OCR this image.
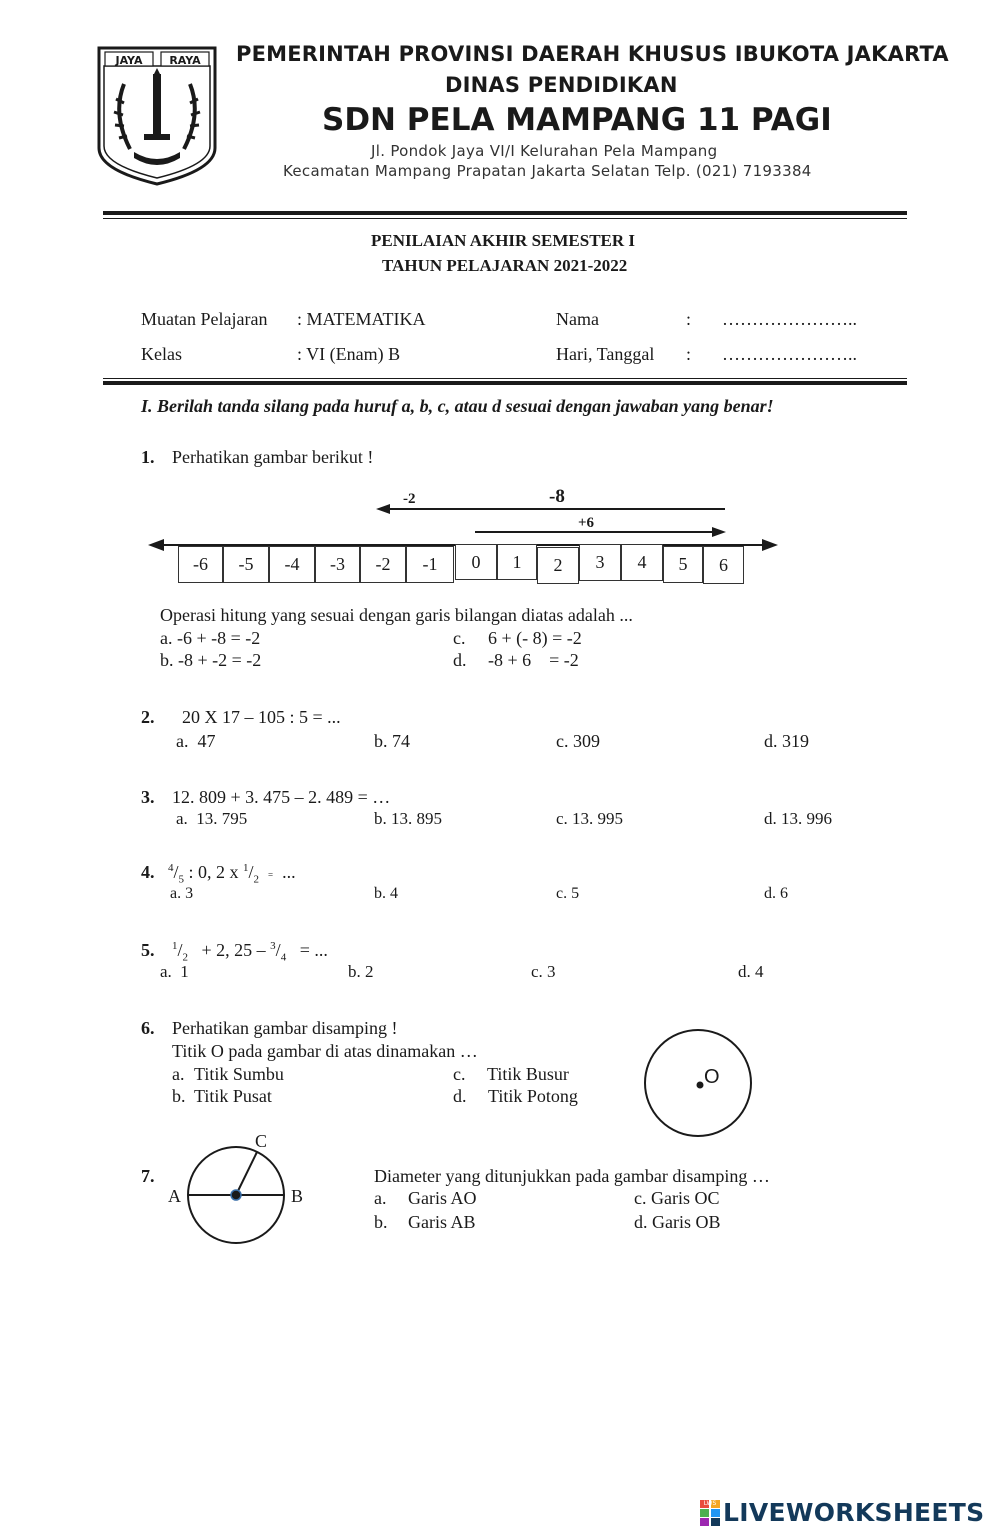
JAYA RAYA PEMERINTAH PROVINSI DAERAH KHUSUS IBUKOTA JAKARTA
DINAS PENDIDIKAN
SDN PELA MAMPANG 11 PAGI
Jl. Pondok Jaya VI/I Kelurahan Pela Mampang
Kecamatan Mampang Prapatan Jakarta Selatan Telp. (021) 7193384
PENILAIAN AKHIR SEMESTER I
TAHUN PELAJARAN 2021-2022
Muatan Pelajaran : MATEMATIKA
Kelas	: VI (Enam) B
Nama	: …………………..
Hari, Tanggal : …………………..
I. Berilah tanda silang pada huruf a, b, c, atau d sesuai dengan jawaban yang benar!
1. Perhatikan gambar berikut !
-2	-8
+6
-6	-5	-4	-3	-2	-1	0	1	2	3	4	5	6
Operasi hitung yang sesuai dengan garis bilangan diatas adalah ...
a. -6 + -8 = -2
b. -8 + -2 = -2
c. 6 + (- 8) = -2
d. -8 + 6    = -2
2. 20 X 17 – 105 : 5 = ...
a.  47	b. 74	c. 309	d. 319
3. 12. 809 + 3. 475 – 2. 489 = …
a.  13. 795	b. 13. 895	c. 13. 995	d. 13. 996
4. $^4/_5$ : 0, 2 x $^1/_2$ = ...
a. 3	b. 4	c. 5	d. 6
5. $^1/_2 + 2$, $25 - ^3/_4$   = ...
a.  1	b. 2	c. 3	d. 4
6. Perhatikan gambar disamping !
Titik O pada gambar di atas dinamakan …
a. Titik Sumbu
b. Titik Pusat
c. Titik Busur
d. Titik Potong
O
7.
A	B
C
Diameter yang ditunjukkan pada gambar disamping …
a. Garis AO
b. Garis AB
c. Garis OC
d. Garis OB
LWS LIVEWORKSHEETS
